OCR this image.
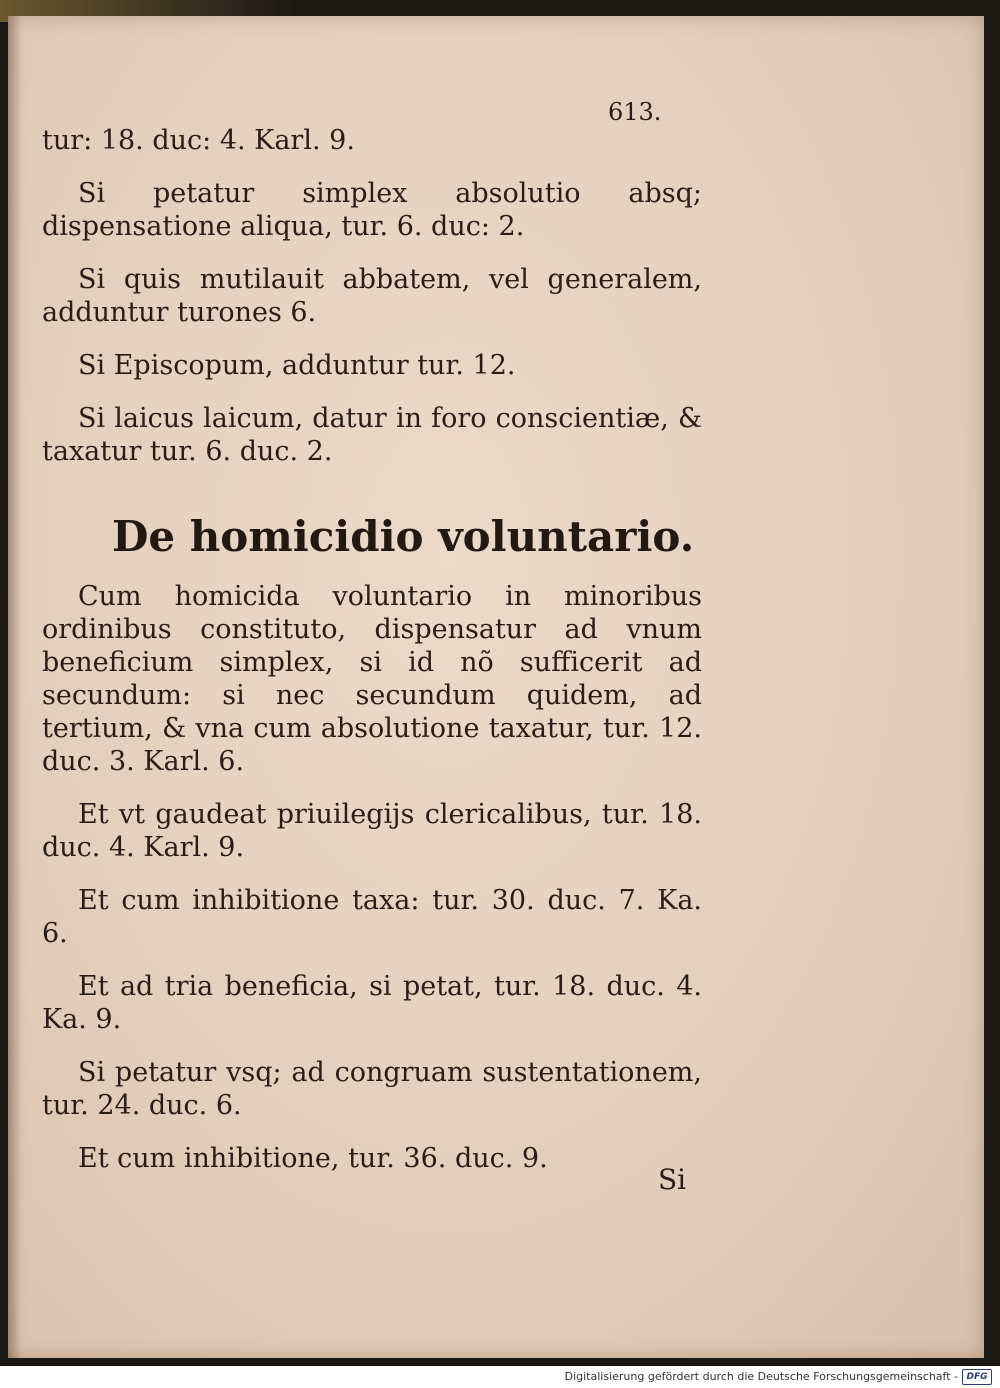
613.

tur: 18. duc: 4. Karl. 9.

Si petatur simplex absolutio absq; dispensatione aliqua, tur. 6. duc: 2.

Si quis mutilauit abbatem, vel generalem, adduntur turones 6.

Si Episcopum, adduntur tur. 12.

Si laicus laicum, datur in foro conscientiæ, & taxatur tur. 6. duc. 2.

De homicidio voluntario.

Cum homicida voluntario in minoribus ordinibus constituto, dispensatur ad vnum beneficium simplex, si id nõ sufficerit ad secundum: si nec secundum quidem, ad tertium, & vna cum absolutione taxatur, tur. 12. duc. 3. Karl. 6.

Et vt gaudeat priuilegijs clericalibus, tur. 18. duc. 4. Karl. 9.

Et cum inhibitione taxa: tur. 30. duc. 7. Ka. 6.

Et ad tria beneficia, si petat, tur. 18. duc. 4. Ka. 9.

Si petatur vsq; ad congruam sustentationem, tur. 24. duc. 6.

Et cum inhibitione, tur. 36. duc. 9.

Si
Digitalisierung gefördert durch die Deutsche Forschungsgemeinschaft - DFG
